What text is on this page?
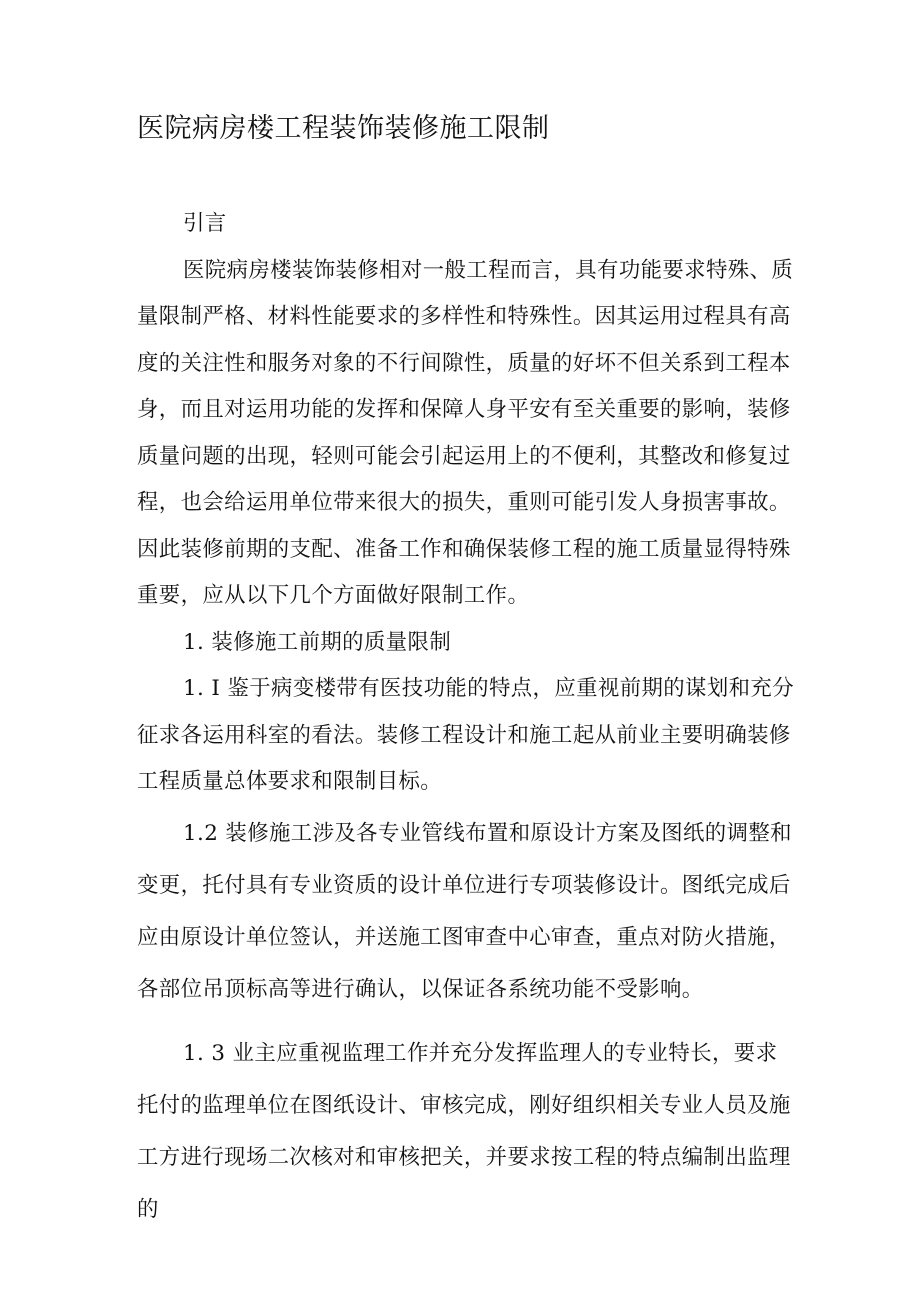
医院病房楼工程装饰装修施工限制

引言

医院病房楼装饰装修相对一般工程而言，具有功能要求特殊、质量限制严格、材料性能要求的多样性和特殊性。因其运用过程具有高度的关注性和服务对象的不行间隙性，质量的好坏不但关系到工程本身，而且对运用功能的发挥和保障人身平安有至关重要的影响，装修质量问题的出现，轻则可能会引起运用上的不便利，其整改和修复过程，也会给运用单位带来很大的损失，重则可能引发人身损害事故。因此装修前期的支配、准备工作和确保装修工程的施工质量显得特殊重要，应从以下几个方面做好限制工作。

1. 装修施工前期的质量限制

1. I 鉴于病变楼带有医技功能的特点，应重视前期的谋划和充分征求各运用科室的看法。装修工程设计和施工起从前业主要明确装修工程质量总体要求和限制目标。

1.2 装修施工涉及各专业管线布置和原设计方案及图纸的调整和变更，托付具有专业资质的设计单位进行专项装修设计。图纸完成后应由原设计单位签认，并送施工图审查中心审查，重点对防火措施，各部位吊顶标高等进行确认，以保证各系统功能不受影响。

1. 3 业主应重视监理工作并充分发挥监理人的专业特长，要求托付的监理单位在图纸设计、审核完成，刚好组织相关专业人员及施工方进行现场二次核对和审核把关，并要求按工程的特点编制出监理的
